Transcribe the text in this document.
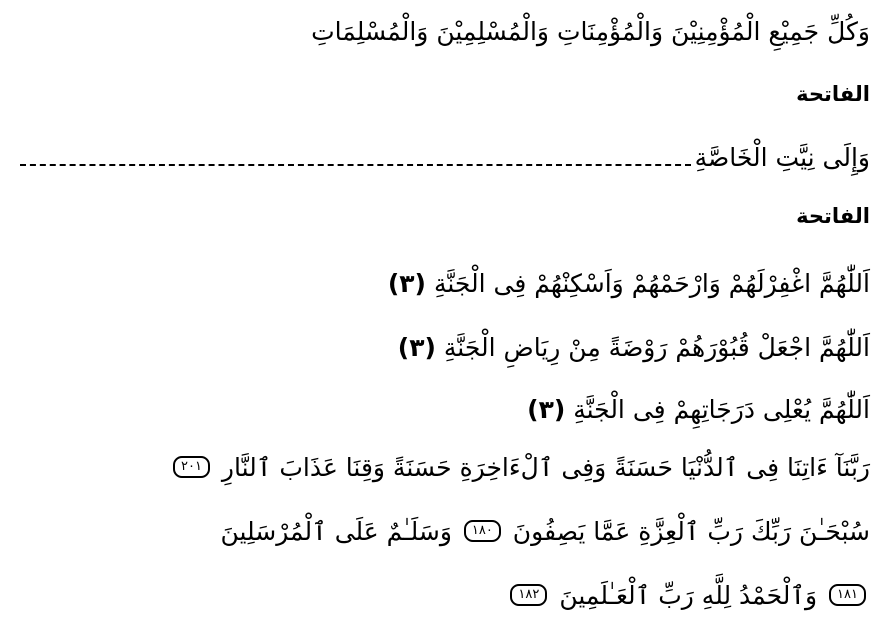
وَكُلِّ جَمِيْعِ الْمُؤْمِنِيْنَ وَالْمُؤْمِنَاتِ وَالْمُسْلِمِيْنَ وَالْمُسْلِمَاتِ
الفاتحة
وَإِلَى نِيَّتِ الْخَاصَّةِ
الفاتحة
اَللّٰهُمَّ اغْفِرْلَهُمْ وَارْحَمْهُمْ وَاَسْكِنْهُمْ فِى الْجَنَّةِ (٣)
اَللّٰهُمَّ اجْعَلْ قُبُوْرَهُمْ رَوْضَةً مِنْ رِيَاضِ الْجَنَّةِ (٣)
اَللّٰهُمَّ يُعْلِى دَرَجَاتِهِمْ فِى الْجَنَّةِ (٣)
رَبَّنَآ ءَاتِنَا فِى ٱلدُّنْيَا حَسَنَةً وَفِى ٱلْءَاخِرَةِ حَسَنَةً وَقِنَا عَذَابَ ٱلنَّارِ ٢٠١
سُبْحَـٰنَ رَبِّكَ رَبِّ ٱلْعِزَّةِ عَمَّا يَصِفُونَ ١٨٠ وَسَلَـٰمٌ عَلَى ٱلْمُرْسَلِينَ
١٨١ وَٱلْحَمْدُ لِلَّهِ رَبِّ ٱلْعَـٰلَمِينَ ١٨٢
